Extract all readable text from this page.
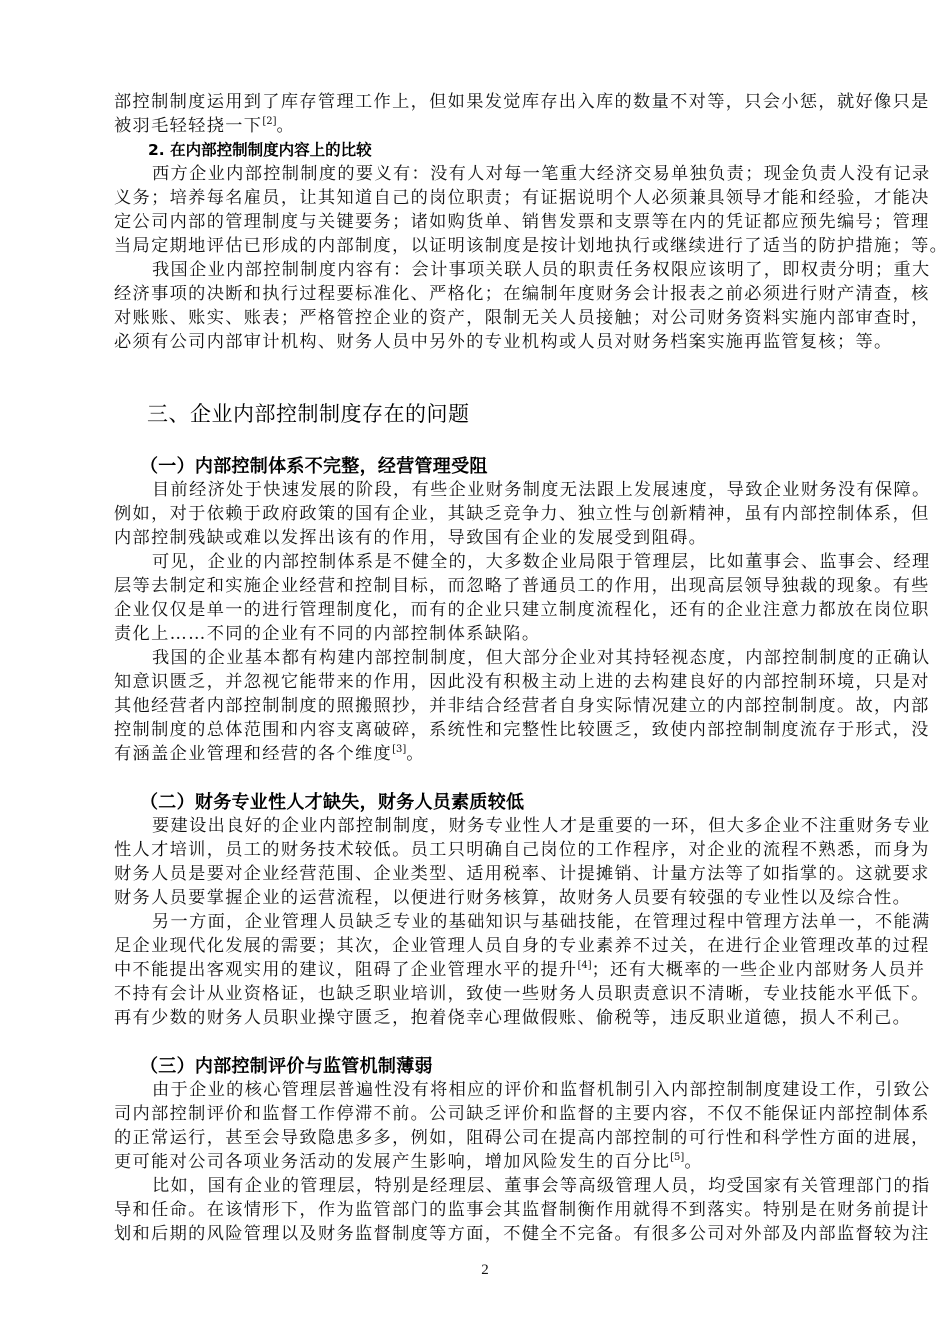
部控制制度运用到了库存管理工作上，但如果发觉库存出入库的数量不对等，只会小惩，就好像只是
被羽毛轻轻挠一下[2]。
2. 在内部控制制度内容上的比较
西方企业内部控制制度的要义有：没有人对每一笔重大经济交易单独负责；现金负责人没有记录
义务；培养每名雇员，让其知道自己的岗位职责；有证据说明个人必须兼具领导才能和经验，才能决
定公司内部的管理制度与关键要务；诸如购货单、销售发票和支票等在内的凭证都应预先编号；管理
当局定期地评估已形成的内部制度，以证明该制度是按计划地执行或继续进行了适当的防护措施；等。
我国企业内部控制制度内容有：会计事项关联人员的职责任务权限应该明了，即权责分明；重大
经济事项的决断和执行过程要标准化、严格化；在编制年度财务会计报表之前必须进行财产清查，核
对账账、账实、账表；严格管控企业的资产，限制无关人员接触；对公司财务资料实施内部审查时，
必须有公司内部审计机构、财务人员中另外的专业机构或人员对财务档案实施再监管复核；等。
三、企业内部控制制度存在的问题
（一）内部控制体系不完整，经营管理受阻
目前经济处于快速发展的阶段，有些企业财务制度无法跟上发展速度，导致企业财务没有保障。
例如，对于依赖于政府政策的国有企业，其缺乏竞争力、独立性与创新精神，虽有内部控制体系，但
内部控制残缺或难以发挥出该有的作用，导致国有企业的发展受到阻碍。
可见，企业的内部控制体系是不健全的，大多数企业局限于管理层，比如董事会、监事会、经理
层等去制定和实施企业经营和控制目标，而忽略了普通员工的作用，出现高层领导独裁的现象。有些
企业仅仅是单一的进行管理制度化，而有的企业只建立制度流程化，还有的企业注意力都放在岗位职
责化上……不同的企业有不同的内部控制体系缺陷。
我国的企业基本都有构建内部控制制度，但大部分企业对其持轻视态度，内部控制制度的正确认
知意识匮乏，并忽视它能带来的作用，因此没有积极主动上进的去构建良好的内部控制环境，只是对
其他经营者内部控制制度的照搬照抄，并非结合经营者自身实际情况建立的内部控制制度。故，内部
控制制度的总体范围和内容支离破碎，系统性和完整性比较匮乏，致使内部控制制度流存于形式，没
有涵盖企业管理和经营的各个维度[3]。
（二）财务专业性人才缺失，财务人员素质较低
要建设出良好的企业内部控制制度，财务专业性人才是重要的一环，但大多企业不注重财务专业
性人才培训，员工的财务技术较低。员工只明确自己岗位的工作程序，对企业的流程不熟悉，而身为
财务人员是要对企业经营范围、企业类型、适用税率、计提摊销、计量方法等了如指掌的。这就要求
财务人员要掌握企业的运营流程，以便进行财务核算，故财务人员要有较强的专业性以及综合性。
另一方面，企业管理人员缺乏专业的基础知识与基础技能，在管理过程中管理方法单一，不能满
足企业现代化发展的需要；其次，企业管理人员自身的专业素养不过关，在进行企业管理改革的过程
中不能提出客观实用的建议，阻碍了企业管理水平的提升[4]；还有大概率的一些企业内部财务人员并
不持有会计从业资格证，也缺乏职业培训，致使一些财务人员职责意识不清晰，专业技能水平低下。
再有少数的财务人员职业操守匮乏，抱着侥幸心理做假账、偷税等，违反职业道德，损人不利己。
（三）内部控制评价与监管机制薄弱
由于企业的核心管理层普遍性没有将相应的评价和监督机制引入内部控制制度建设工作，引致公
司内部控制评价和监督工作停滞不前。公司缺乏评价和监督的主要内容，不仅不能保证内部控制体系
的正常运行，甚至会导致隐患多多，例如，阻碍公司在提高内部控制的可行性和科学性方面的进展，
更可能对公司各项业务活动的发展产生影响，增加风险发生的百分比[5]。
比如，国有企业的管理层，特别是经理层、董事会等高级管理人员，均受国家有关管理部门的指
导和任命。在该情形下，作为监管部门的监事会其监督制衡作用就得不到落实。特别是在财务前提计
划和后期的风险管理以及财务监督制度等方面，不健全不完备。有很多公司对外部及内部监督较为注
2
